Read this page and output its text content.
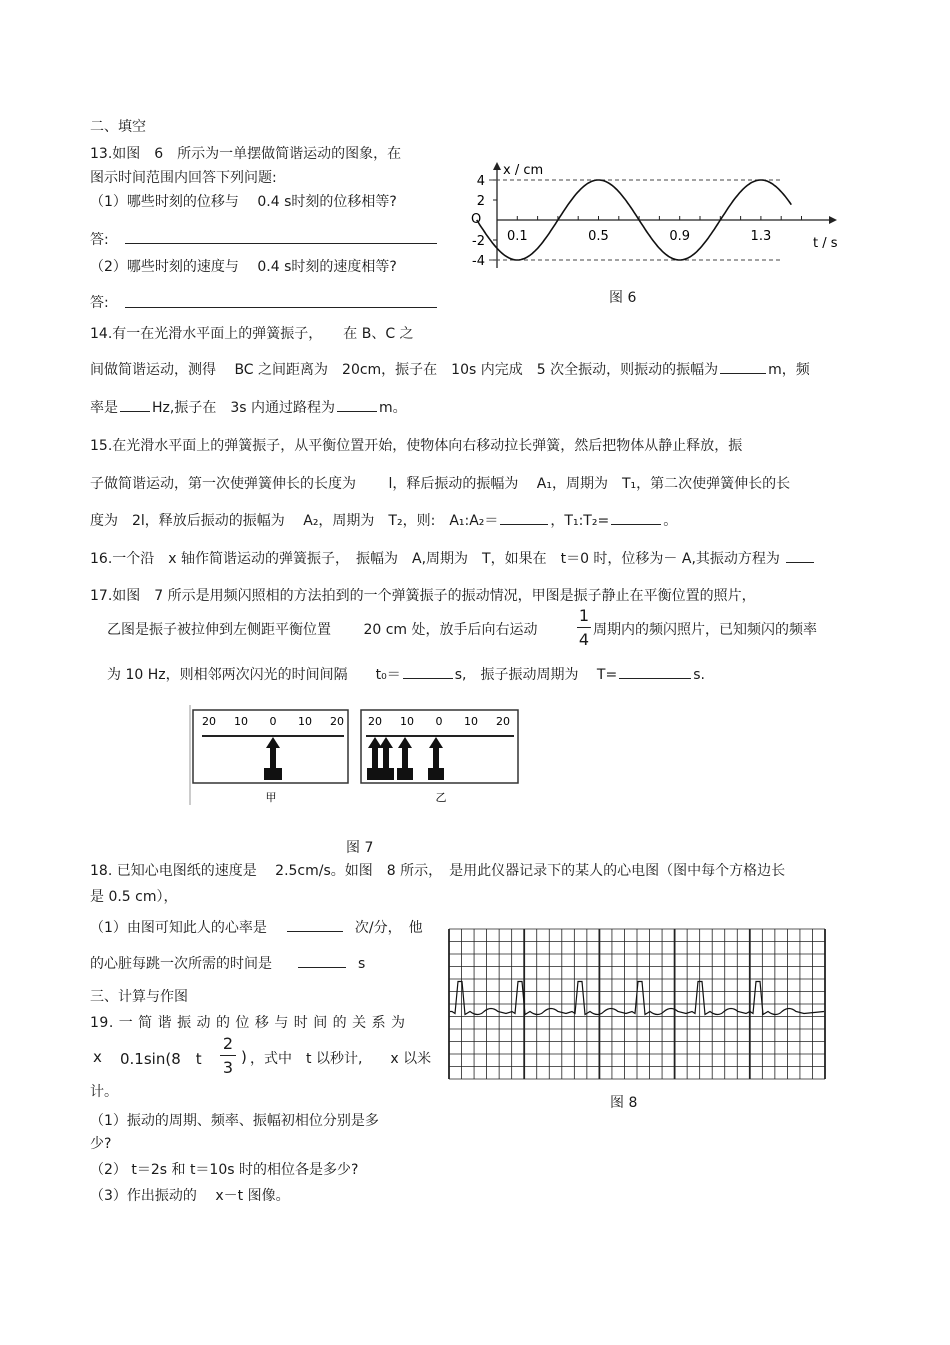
二、填空
13.如图　6　所示为一单摆做简谐运动的图象，在
图示时间范围内回答下列问题:
（1）哪些时刻的位移与　 0.4 s时刻的位移相等?
答:
（2）哪些时刻的速度与　 0.4 s时刻的速度相等?
答:
x / cm
t / s
O
4
2
-2
-4
0.1	0.5	0.9	1.3
图 6
14.有一在光滑水平面上的弹簧振子，　　在 B、C 之
间做简谐运动，测得　 BC 之间距离为　20cm，振子在　10s 内完成　5 次全振动，则振动的振幅为	m，频
率是 Hz,振子在　3s 内通过路程为	m。
15.在光滑水平面上的弹簧振子，从平衡位置开始，使物体向右移动拉长弹簧，然后把物体从静止释放，振
子做简谐运动，第一次使弹簧伸长的长度为　　 l，释后振动的振幅为　 A₁，周期为　T₁，第二次使弹簧伸长的长
度为　2l，释放后振动的振幅为　 A₂，周期为　T₂，则:　A₁:A₂＝	，T₁:T₂=	。
16.一个沿　x 轴作简谐运动的弹簧振子，　振幅为　A,周期为　T，如果在　t＝0 时，位移为－ A,其振动方程为
17.如图　7 所示是用频闪照相的方法拍到的一个弹簧振子的振动情况，甲图是振子静止在平衡位置的照片，
乙图是振子被拉伸到左侧距平衡位置　　 20 cm 处，放手后向右运动
1
4 周期内的频闪照片，已知频闪的频率
为 10 Hz，则相邻两次闪光的时间间隔　　t₀＝	s,　振子振动周期为　 T=	s.
20 10 0 10 20 20 10 0 10 20
甲	乙
图 7
18. 已知心电图纸的速度是　 2.5cm/s。如图　8 所示，　是用此仪器记录下的某人的心电图（图中每个方格边长
是 0.5 cm），
（1）由图可知此人的心率是	次/分，　他
的心脏每跳一次所需的时间是	s
图 8
三、计算与作图
19. 一 简 谐 振 动 的 位 移 与 时 间 的 关 系 为
x 0.1sin(8　t
2
3
) ，式中　t 以秒计,　　x 以米
计。
（1）振动的周期、频率、振幅初相位分别是多
少?
（2） t＝2s 和 t＝10s 时的相位各是多少?
（3）作出振动的　 x－t 图像。
